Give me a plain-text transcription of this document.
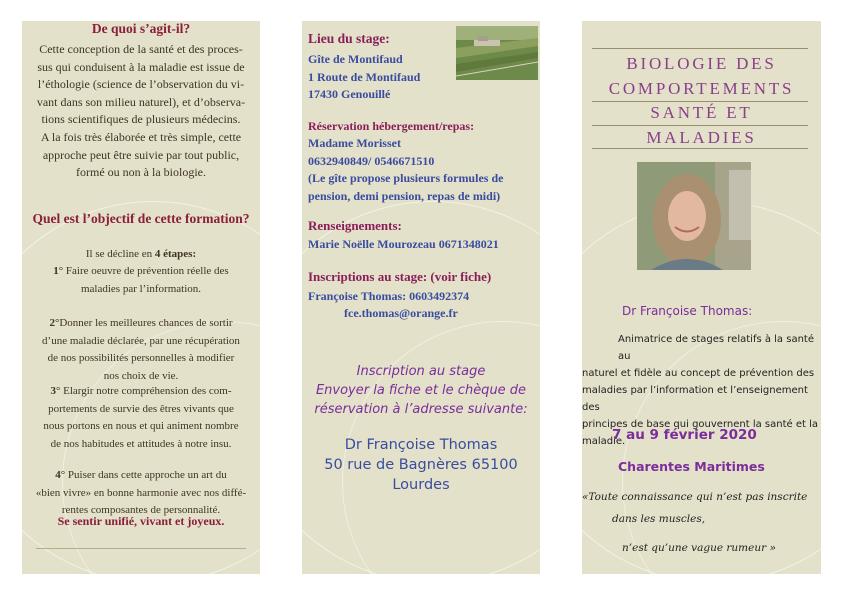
De quoi s’agit-il?
Cette conception de la santé et des proces-
sus qui conduisent à la maladie est issue de
l’éthologie (science de l’observation du vi-
vant dans son milieu naturel), et d’observa-
tions scientifiques de plusieurs médecins.
A la fois très élaborée et très simple, cette
approche peut être suivie par tout public,
formé ou non à la biologie.
Quel est l’objectif de cette formation?
Il se décline en 4 étapes:
1° Faire oeuvre de prévention réelle des
maladies par l’information.
2°Donner les meilleures chances de sortir
d’une maladie déclarée, par une récupération
de nos possibilités personnelles à modifier
nos choix de vie.
3° Elargir notre compréhension des com-
portements de survie des êtres vivants que
nous portons en nous et qui animent nombre
de nos habitudes et attitudes à notre insu.
4° Puiser dans cette approche un art du
«bien vivre» en bonne harmonie avec nos diffé-
rentes composantes de personnalité.
Se sentir unifié, vivant et joyeux.
Lieu du stage:
Gîte de Montifaud
1 Route de Montifaud
17430 Genouillé
Réservation hébergement/repas:
Madame Morisset
0632940849/ 0546671510
(Le gîte propose plusieurs formules de
pension, demi pension, repas de midi)
Renseignements:
Marie Noëlle Mourozeau 0671348021
Inscriptions au stage: (voir fiche)
Françoise Thomas: 0603492374
fce.thomas@orange.fr
Inscription au stage
Envoyer la fiche et le chèque de
réservation à l’adresse suivante:
Dr Françoise Thomas
50 rue de Bagnères 65100
Lourdes
BIOLOGIE DES
COMPORTEMENTS
SANTÉ ET
MALADIES
Dr Françoise Thomas:
Animatrice de stages relatifs à la santé au
naturel et fidèle au concept de prévention des
maladies par l’information et l’enseignement des
principes de base qui gouvernent la santé et la
maladie.
7 au 9 février 2020
Charentes Maritimes
«Toute connaissance qui n’est pas inscrite
dans les muscles,
n’est qu’une vague rumeur »
